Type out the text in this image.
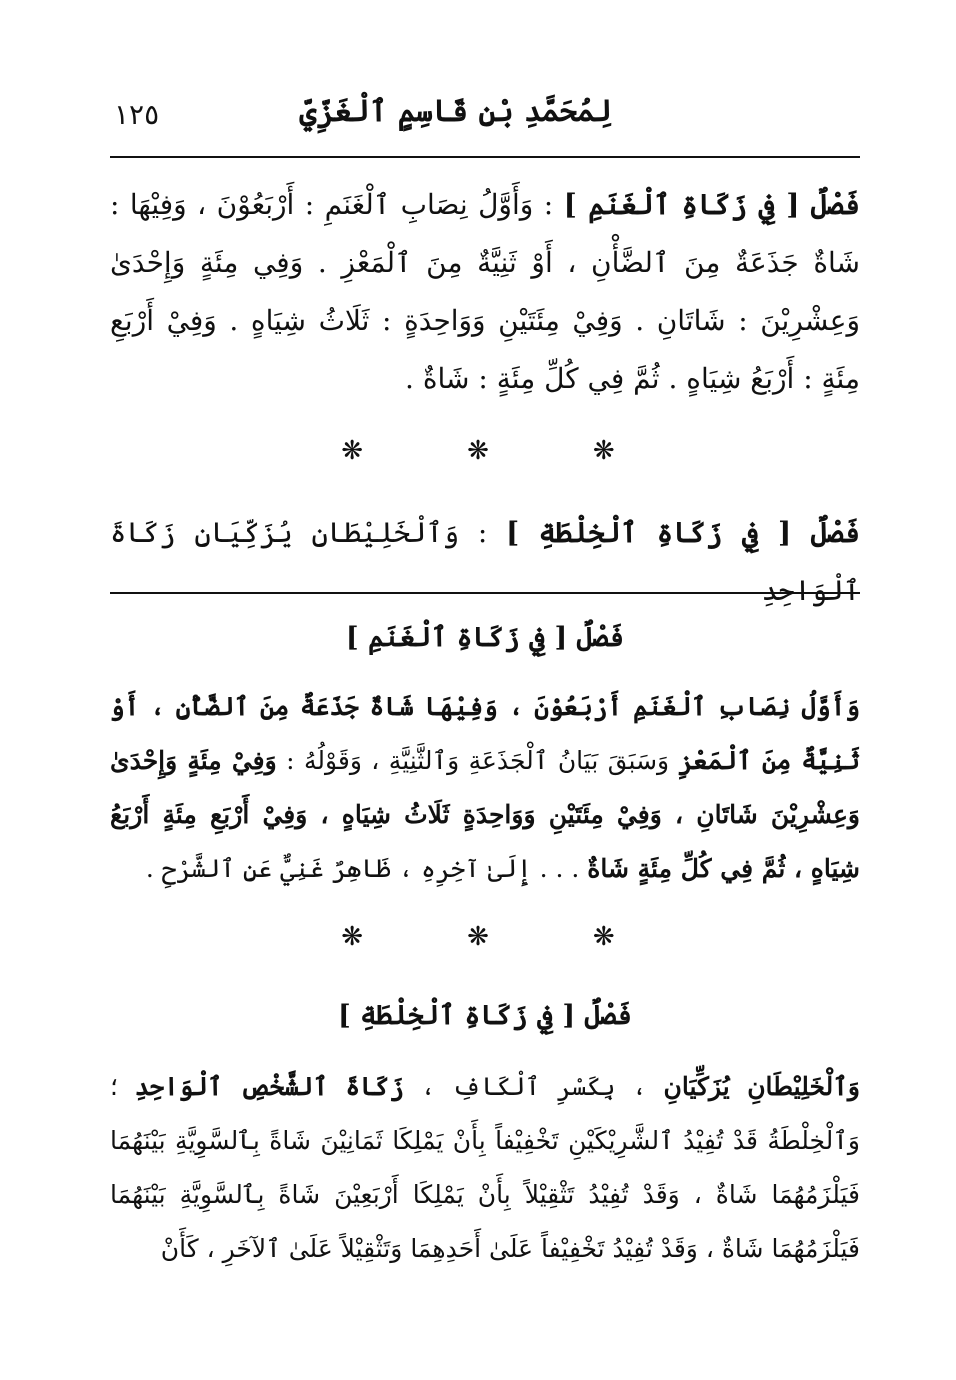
١٢٥	لِمُحَمَّدِ بْنِ قَاسِمٍ ٱلْغَزِّيِّ

فَصْلٌ [ فِي زَكَاةِ ٱلْغَنَمِ ] : وَأَوَّلُ نِصَابِ ٱلْغَنَمِ : أَرْبَعُوْنَ ، وَفِيْهَا : شَاةٌ جَذَعَةٌ مِنَ ٱلضَّأْنِ ، أَوْ ثَنِيَّةٌ مِنَ ٱلْمَعْزِ . وَفِي مِئَةٍ وَإِحْدَىٰ وَعِشْرِيْنَ : شَاتَانِ . وَفِيْ مِئَتَيْنِ وَوَاحِدَةٍ : ثَلَاثُ شِيَاهٍ . وَفِيْ أَرْبَعِ مِئَةٍ : أَرْبَعُ شِيَاهٍ . ثُمَّ فِي كُلِّ مِئَةٍ : شَاةٌ .

❋	❋	❋

فَصْلٌ [ فِي زَكَاةِ ٱلْخِلْطَةِ ] : وَٱلْخَلِيْطَانِ يُزَكِّيَانِ زَكَاةَ ٱلْوَاحِدِ

فَصْلٌ [ فِي زَكَاةِ ٱلْغَنَمِ ]

وَأَوَّلُ نِصَابِ ٱلْغَنَمِ أَرْبَعُوْنَ ، وَفِيْهَا شَاةٌ جَذَعَةٌ مِنَ ٱلضَّأْنِ ، أَوْ ثَنِيَّةٌ مِنَ ٱلْمَعْزِ وَسَبَقَ بَيَانُ ٱلْجَذَعَةِ وَٱلثَّنِيَّةِ ، وَقَوْلُهُ : وَفِيْ مِئَةٍ وَإِحْدَىٰ وَعِشْرِيْنَ شَاتَانِ ، وَفِيْ مِئَتَيْنِ وَوَاحِدَةٍ ثَلَاثُ شِيَاهٍ ، وَفِيْ أَرْبَعِ مِئَةٍ أَرْبَعُ شِيَاهٍ ، ثُمَّ فِي كُلِّ مِئَةٍ شَاةٌ . . . إِلَىٰ آخِرِهِ ، ظَاهِرٌ غَنِيٌّ عَنِ ٱلشَّرْحِ .

❋	❋	❋
فَصْلٌ [ فِي زَكَاةِ ٱلْخِلْطَةِ ]

وَٱلْخَلِيْطَانِ يُزَكِّيَانِ ، بِكَسْرِ ٱلْكَافِ ، زَكَاةَ ٱلشَّخْصِ ٱلْوَاحِدِ ؛ وَٱلْخِلْطَةُ قَدْ تُفِيْدُ ٱلشَّرِيْكَيْنِ تَخْفِيْفاً بِأَنْ يَمْلِكَا ثَمَانِيْنَ شَاةً بِٱلسَّوِيَّةِ بَيْنَهُمَا فَيَلْزَمُهُمَا شَاةٌ ، وَقَدْ تُفِيْدُ تَثْقِيْلاً بِأَنْ يَمْلِكَا أَرْبَعِيْنَ شَاةً بِٱلسَّوِيَّةِ بَيْنَهُمَا فَيَلْزَمُهُمَا شَاةٌ ، وَقَدْ تُفِيْدُ تَخْفِيْفاً عَلَىٰ أَحَدِهِمَا وَتَثْقِيْلاً عَلَىٰ ٱلآخَرِ ، كَأَنْ
